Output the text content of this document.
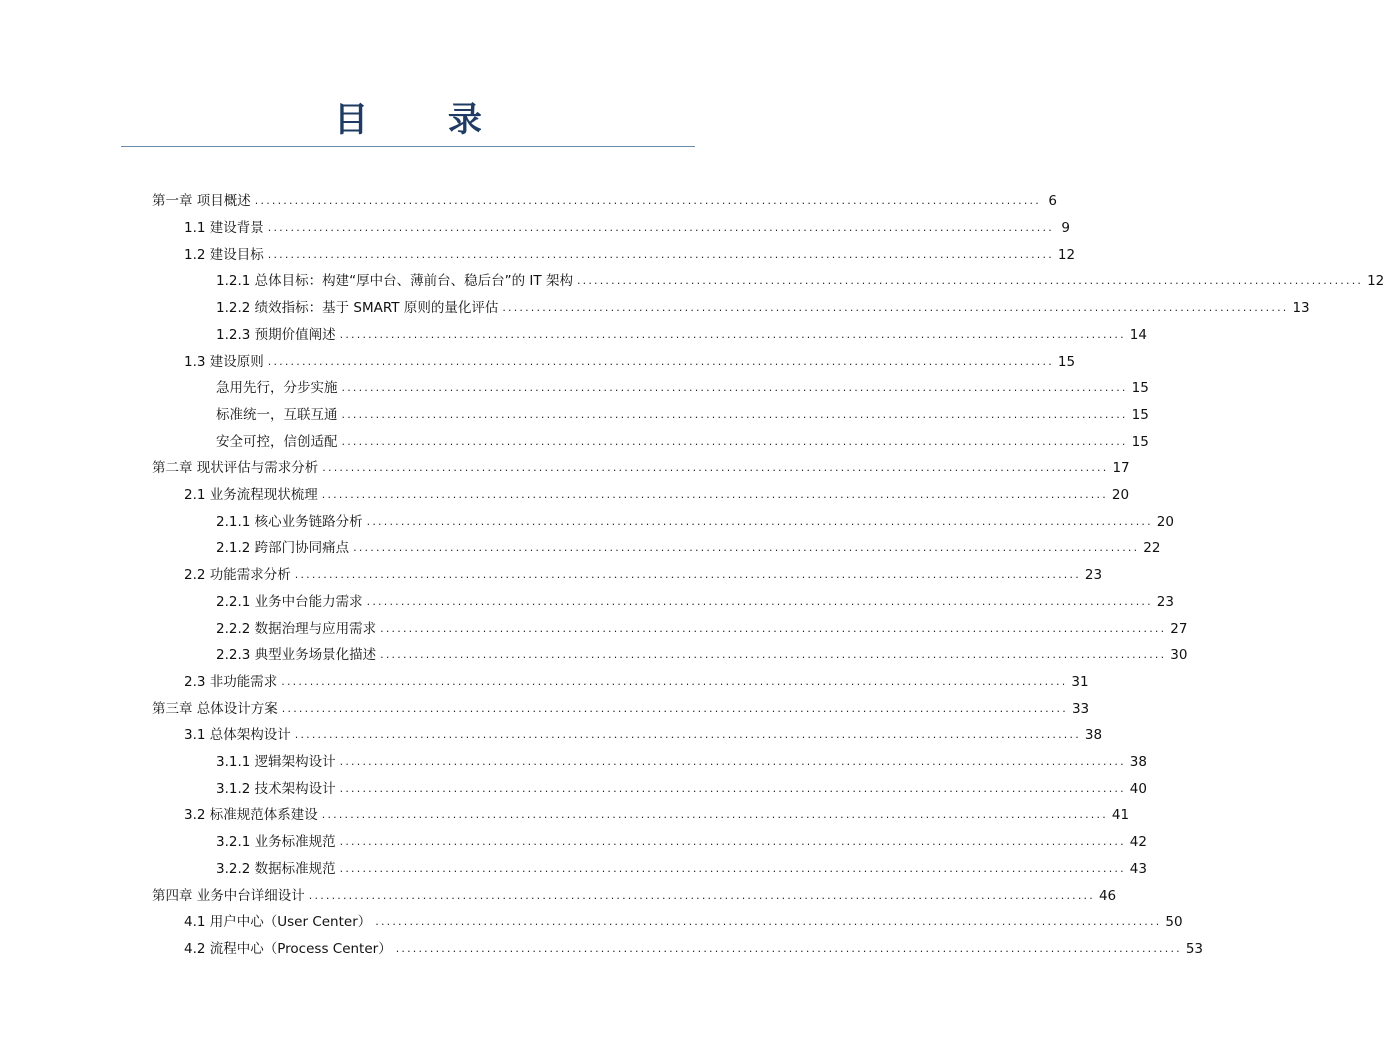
目 录
第一章 项目概述 .......................................................................................................................................... 6
1.1 建设背景 .......................................................................................................................................... 9
1.2 建设目标 .......................................................................................................................................... 12
1.2.1 总体目标：构建“厚中台、薄前台、稳后台”的 IT 架构 .......................................................................................................................................... 12
1.2.2 绩效指标：基于 SMART 原则的量化评估 .......................................................................................................................................... 13
1.2.3 预期价值阐述 .......................................................................................................................................... 14
1.3 建设原则 .......................................................................................................................................... 15
急用先行，分步实施 .......................................................................................................................................... 15
标准统一，互联互通 .......................................................................................................................................... 15
安全可控，信创适配 .......................................................................................................................................... 15
第二章 现状评估与需求分析 .......................................................................................................................................... 17
2.1 业务流程现状梳理 .......................................................................................................................................... 20
2.1.1 核心业务链路分析 .......................................................................................................................................... 20
2.1.2 跨部门协同痛点 .......................................................................................................................................... 22
2.2 功能需求分析 .......................................................................................................................................... 23
2.2.1 业务中台能力需求 .......................................................................................................................................... 23
2.2.2 数据治理与应用需求 .......................................................................................................................................... 27
2.2.3 典型业务场景化描述 .......................................................................................................................................... 30
2.3 非功能需求 .......................................................................................................................................... 31
第三章 总体设计方案 .......................................................................................................................................... 33
3.1 总体架构设计 .......................................................................................................................................... 38
3.1.1 逻辑架构设计 .......................................................................................................................................... 38
3.1.2 技术架构设计 .......................................................................................................................................... 40
3.2 标准规范体系建设 .......................................................................................................................................... 41
3.2.1 业务标准规范 .......................................................................................................................................... 42
3.2.2 数据标准规范 .......................................................................................................................................... 43
第四章 业务中台详细设计 .......................................................................................................................................... 46
4.1 用户中心（User Center） .......................................................................................................................................... 50
4.2 流程中心（Process Center） .......................................................................................................................................... 53
